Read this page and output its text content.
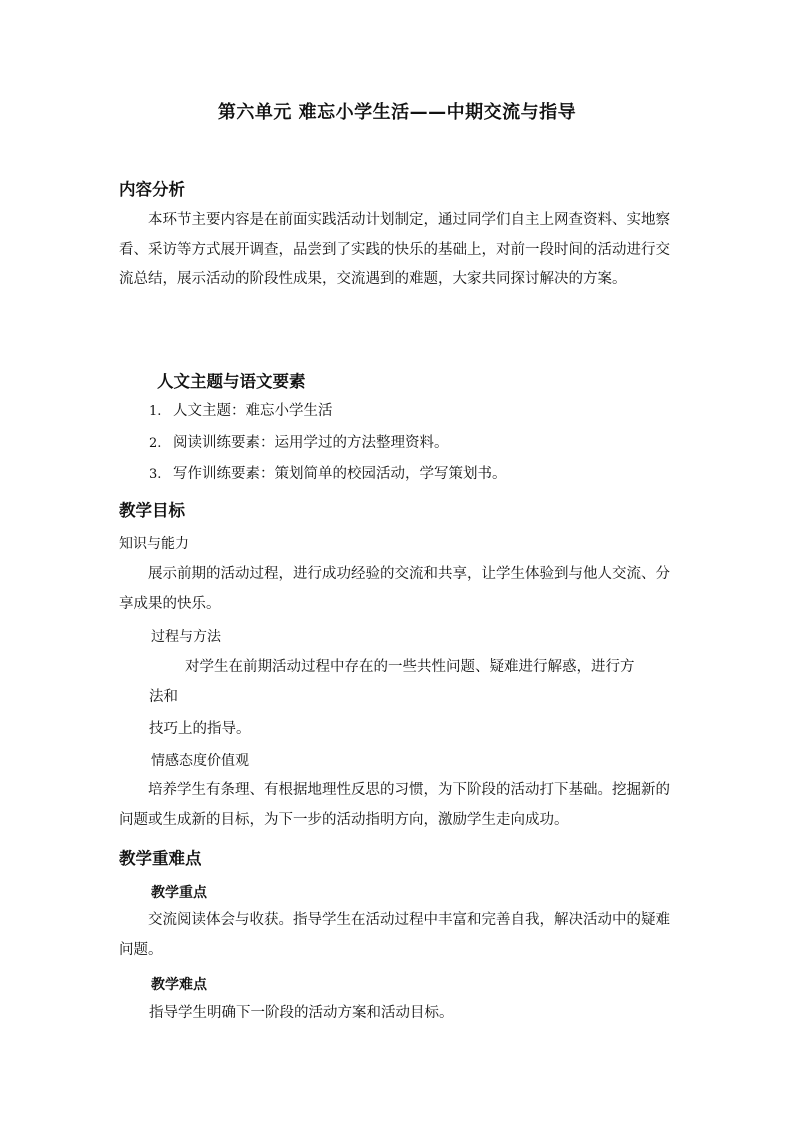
第六单元 难忘小学生活——中期交流与指导
内容分析

本环节主要内容是在前面实践活动计划制定，通过同学们自主上网查资料、实地察看、采访等方式展开调查，品尝到了实践的快乐的基础上，对前一段时间的活动进行交流总结，展示活动的阶段性成果，交流遇到的难题，大家共同探讨解决的方案。

人文主题与语文要素
1. 人文主题：难忘小学生活
2. 阅读训练要素：运用学过的方法整理资料。
3. 写作训练要素：策划简单的校园活动，学写策划书。
教学目标
知识与能力

展示前期的活动过程，进行成功经验的交流和共享，让学生体验到与他人交流、分享成果的快乐。

过程与方法
对学生在前期活动过程中存在的一些共性问题、疑难进行解惑，进行方
法和
技巧上的指导。
情感态度价值观

培养学生有条理、有根据地理性反思的习惯，为下阶段的活动打下基础。挖掘新的问题或生成新的目标，为下一步的活动指明方向，激励学生走向成功。

教学重难点
教学重点

交流阅读体会与收获。指导学生在活动过程中丰富和完善自我，解决活动中的疑难问题。

教学难点
指导学生明确下一阶段的活动方案和活动目标。
